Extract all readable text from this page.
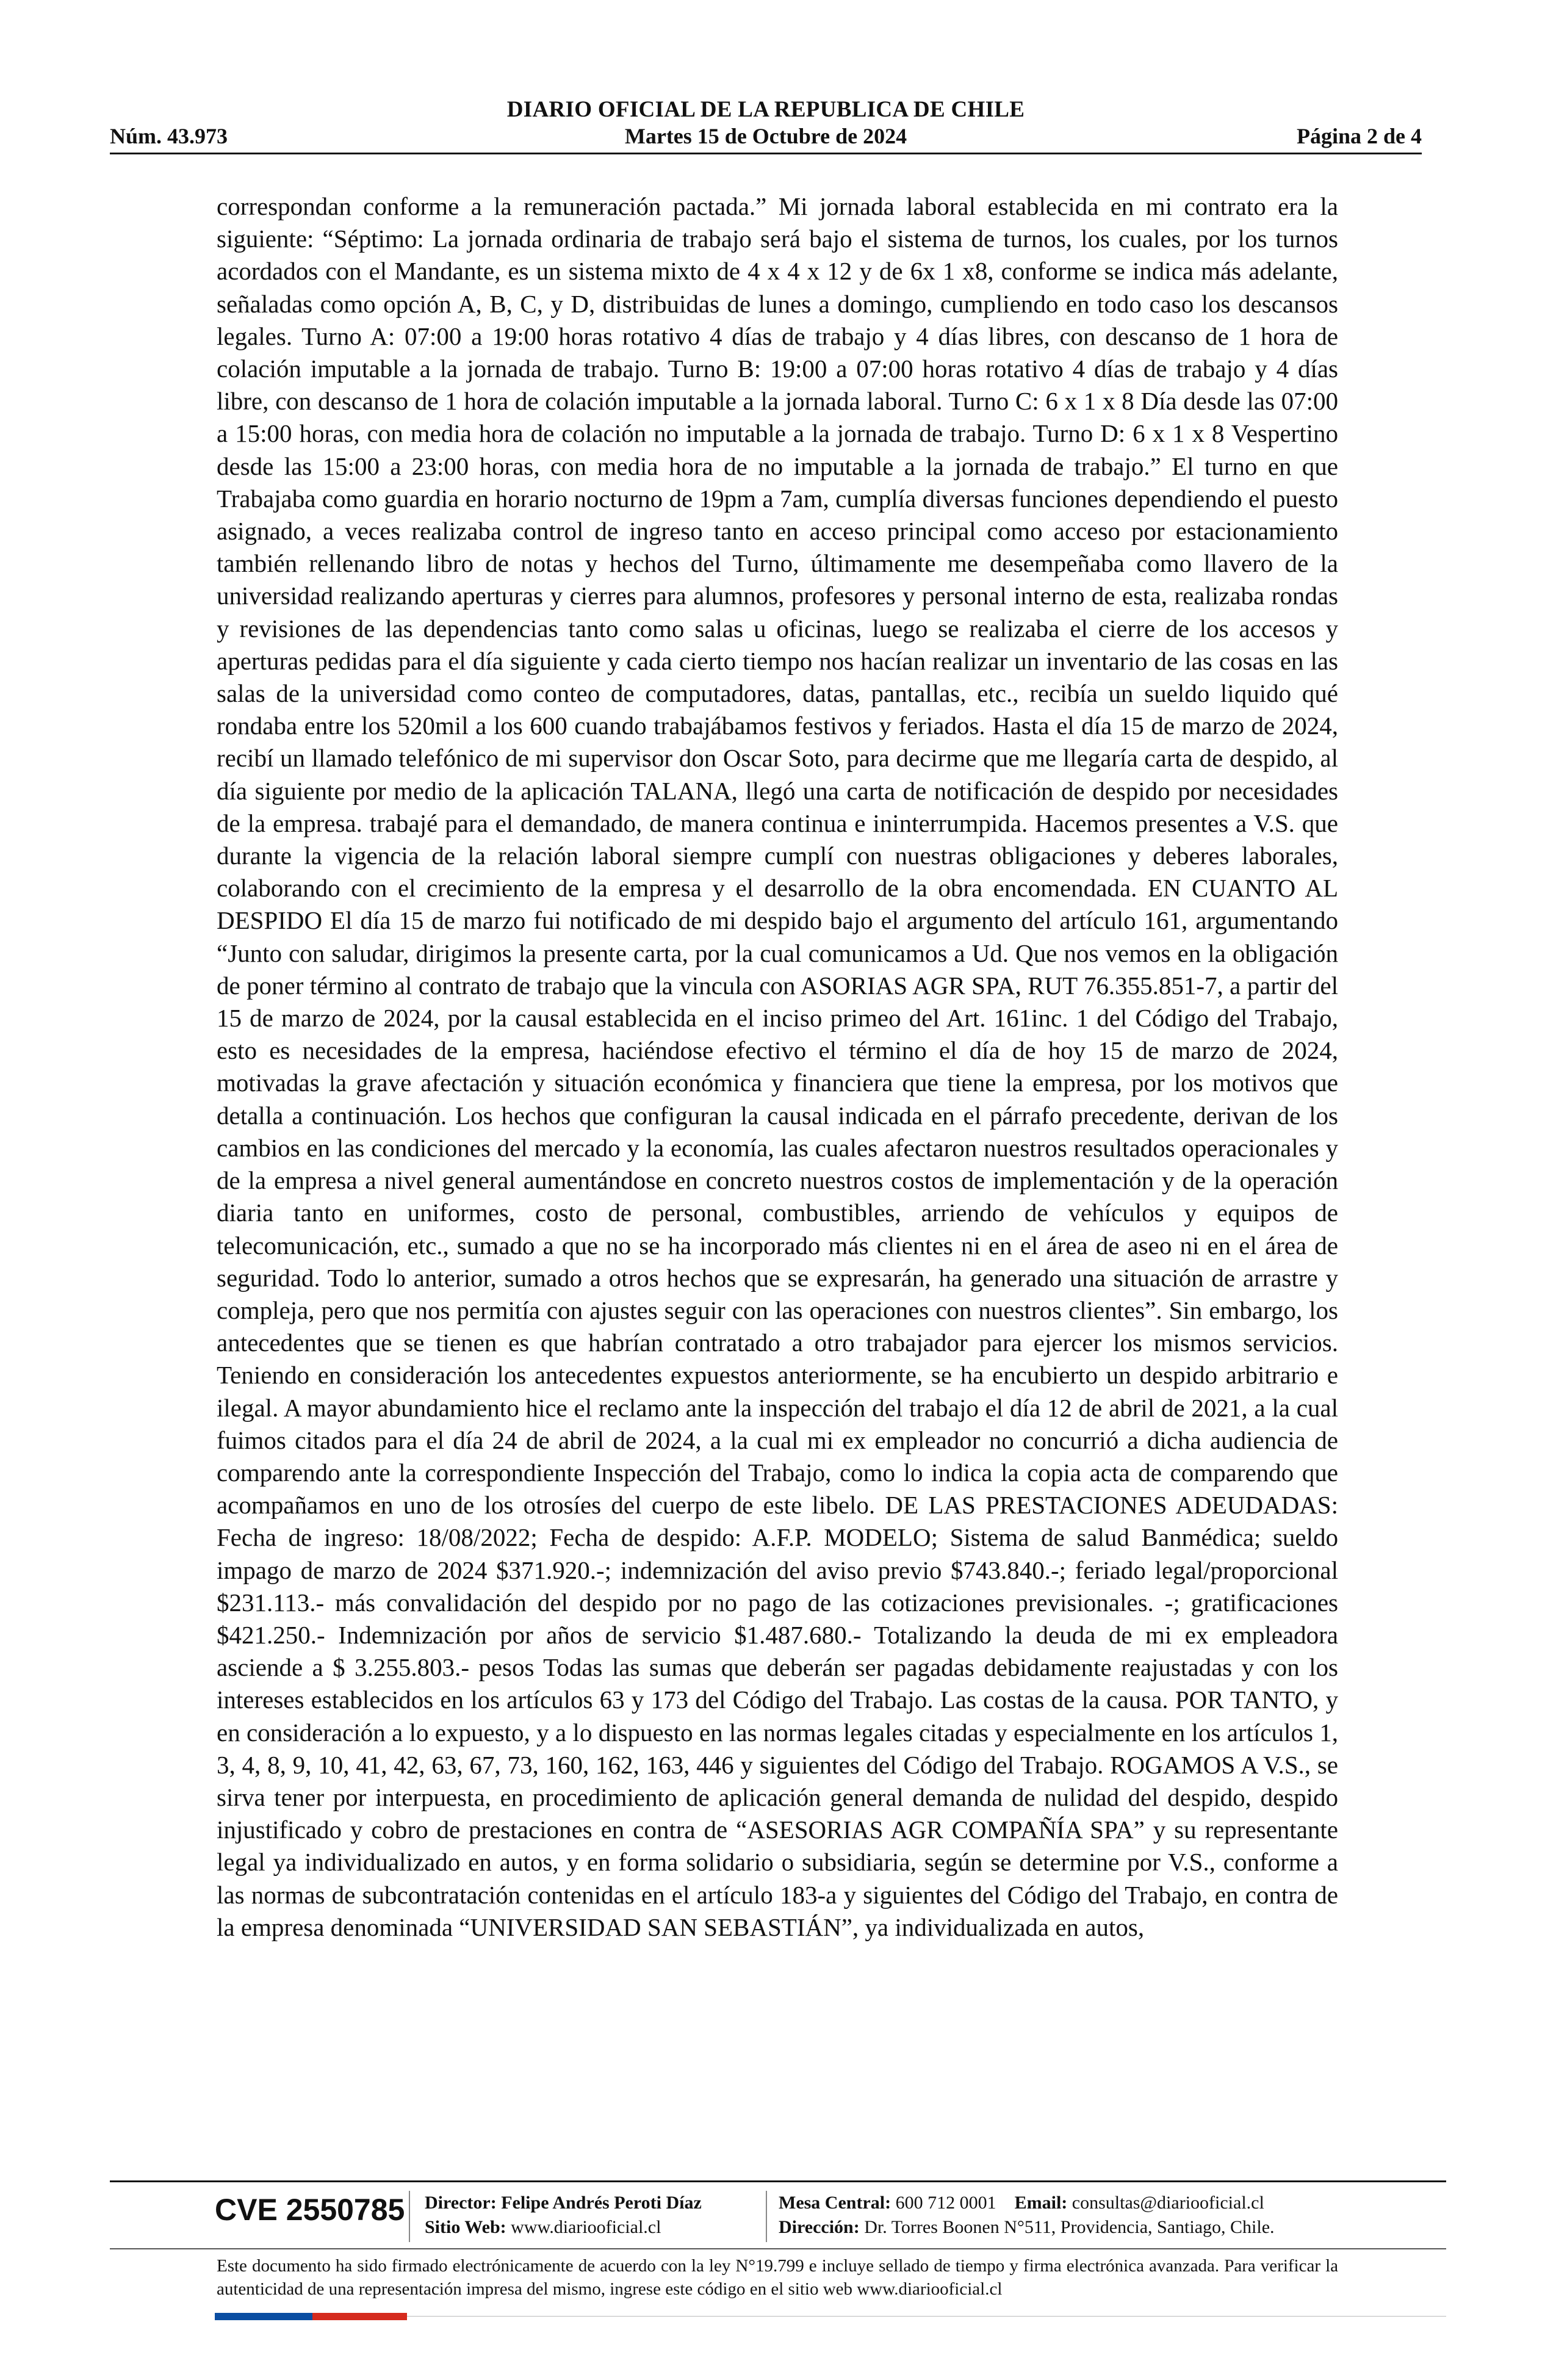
DIARIO OFICIAL DE LA REPUBLICA DE CHILE
Núm. 43.973	Martes 15 de Octubre de 2024	Página 2 de 4
correspondan conforme a la remuneración pactada.” Mi jornada laboral establecida en mi contrato era la siguiente: “Séptimo: La jornada ordinaria de trabajo será bajo el sistema de turnos, los cuales, por los turnos acordados con el Mandante, es un sistema mixto de 4 x 4 x 12 y de 6x 1 x8, conforme se indica más adelante, señaladas como opción A, B, C, y D, distribuidas de lunes a domingo, cumpliendo en todo caso los descansos legales. Turno A: 07:00 a 19:00 horas rotativo 4 días de trabajo y 4 días libres, con descanso de 1 hora de colación imputable a la jornada de trabajo. Turno B: 19:00 a 07:00 horas rotativo 4 días de trabajo y 4 días libre, con descanso de 1 hora de colación imputable a la jornada laboral. Turno C: 6 x 1 x 8 Día desde las 07:00 a 15:00 horas, con media hora de colación no imputable a la jornada de trabajo. Turno D: 6 x 1 x 8 Vespertino desde las 15:00 a 23:00 horas, con media hora de no imputable a la jornada de trabajo.” El turno en que Trabajaba como guardia en horario nocturno de 19pm a 7am, cumplía diversas funciones dependiendo el puesto asignado, a veces realizaba control de ingreso tanto en acceso principal como acceso por estacionamiento también rellenando libro de notas y hechos del Turno, últimamente me desempeñaba como llavero de la universidad realizando aperturas y cierres para alumnos, profesores y personal interno de esta, realizaba rondas y revisiones de las dependencias tanto como salas u oficinas, luego se realizaba el cierre de los accesos y aperturas pedidas para el día siguiente y cada cierto tiempo nos hacían realizar un inventario de las cosas en las salas de la universidad como conteo de computadores, datas, pantallas, etc., recibía un sueldo liquido qué rondaba entre los 520mil a los 600 cuando trabajábamos festivos y feriados. Hasta el día 15 de marzo de 2024, recibí un llamado telefónico de mi supervisor don Oscar Soto, para decirme que me llegaría carta de despido, al día siguiente por medio de la aplicación TALANA, llegó una carta de notificación de despido por necesidades de la empresa. trabajé para el demandado, de manera continua e ininterrumpida. Hacemos presentes a V.S. que durante la vigencia de la relación laboral siempre cumplí con nuestras obligaciones y deberes laborales, colaborando con el crecimiento de la empresa y el desarrollo de la obra encomendada. EN CUANTO AL DESPIDO El día 15 de marzo fui notificado de mi despido bajo el argumento del artículo 161, argumentando “Junto con saludar, dirigimos la presente carta, por la cual comunicamos a Ud. Que nos vemos en la obligación de poner término al contrato de trabajo que la vincula con ASORIAS AGR SPA, RUT 76.355.851-7, a partir del 15 de marzo de 2024, por la causal establecida en el inciso primeo del Art. 161inc. 1 del Código del Trabajo, esto es necesidades de la empresa, haciéndose efectivo el término el día de hoy 15 de marzo de 2024, motivadas la grave afectación y situación económica y financiera que tiene la empresa, por los motivos que detalla a continuación. Los hechos que configuran la causal indicada en el párrafo precedente, derivan de los cambios en las condiciones del mercado y la economía, las cuales afectaron nuestros resultados operacionales y de la empresa a nivel general aumentándose en concreto nuestros costos de implementación y de la operación diaria tanto en uniformes, costo de personal, combustibles, arriendo de vehículos y equipos de telecomunicación, etc., sumado a que no se ha incorporado más clientes ni en el área de aseo ni en el área de seguridad. Todo lo anterior, sumado a otros hechos que se expresarán, ha generado una situación de arrastre y compleja, pero que nos permitía con ajustes seguir con las operaciones con nuestros clientes”. Sin embargo, los antecedentes que se tienen es que habrían contratado a otro trabajador para ejercer los mismos servicios. Teniendo en consideración los antecedentes expuestos anteriormente, se ha encubierto un despido arbitrario e ilegal. A mayor abundamiento hice el reclamo ante la inspección del trabajo el día 12 de abril de 2021, a la cual fuimos citados para el día 24 de abril de 2024, a la cual mi ex empleador no concurrió a dicha audiencia de comparendo ante la correspondiente Inspección del Trabajo, como lo indica la copia acta de comparendo que acompañamos en uno de los otrosíes del cuerpo de este libelo. DE LAS PRESTACIONES ADEUDADAS: Fecha de ingreso: 18/08/2022; Fecha de despido: A.F.P. MODELO; Sistema de salud Banmédica; sueldo impago de marzo de 2024 $371.920.-; indemnización del aviso previo $743.840.-; feriado legal/proporcional $231.113.- más convalidación del despido por no pago de las cotizaciones previsionales. -; gratificaciones $421.250.- Indemnización por años de servicio $1.487.680.- Totalizando la deuda de mi ex empleadora asciende a $ 3.255.803.- pesos Todas las sumas que deberán ser pagadas debidamente reajustadas y con los intereses establecidos en los artículos 63 y 173 del Código del Trabajo. Las costas de la causa. POR TANTO, y en consideración a lo expuesto, y a lo dispuesto en las normas legales citadas y especialmente en los artículos 1, 3, 4, 8, 9, 10, 41, 42, 63, 67, 73, 160, 162, 163, 446 y siguientes del Código del Trabajo. ROGAMOS A V.S., se sirva tener por interpuesta, en procedimiento de aplicación general demanda de nulidad del despido, despido injustificado y cobro de prestaciones en contra de “ASESORIAS AGR COMPAÑÍA SPA” y su representante legal ya individualizado en autos, y en forma solidario o subsidiaria, según se determine por V.S., conforme a las normas de subcontratación contenidas en el artículo 183-a y siguientes del Código del Trabajo, en contra de la empresa denominada “UNIVERSIDAD SAN SEBASTIÁN”, ya individualizada en autos,
CVE 2550785 Director: Felipe Andrés Peroti Díaz
Sitio Web: www.diariooficial.cl
Mesa Central: 600 712 0001 Email: consultas@diariooficial.cl
Dirección: Dr. Torres Boonen N°511, Providencia, Santiago, Chile.
Este documento ha sido firmado electrónicamente de acuerdo con la ley N°19.799 e incluye sellado de tiempo y firma electrónica avanzada. Para verificar la autenticidad de una representación impresa del mismo, ingrese este código en el sitio web www.diariooficial.cl
